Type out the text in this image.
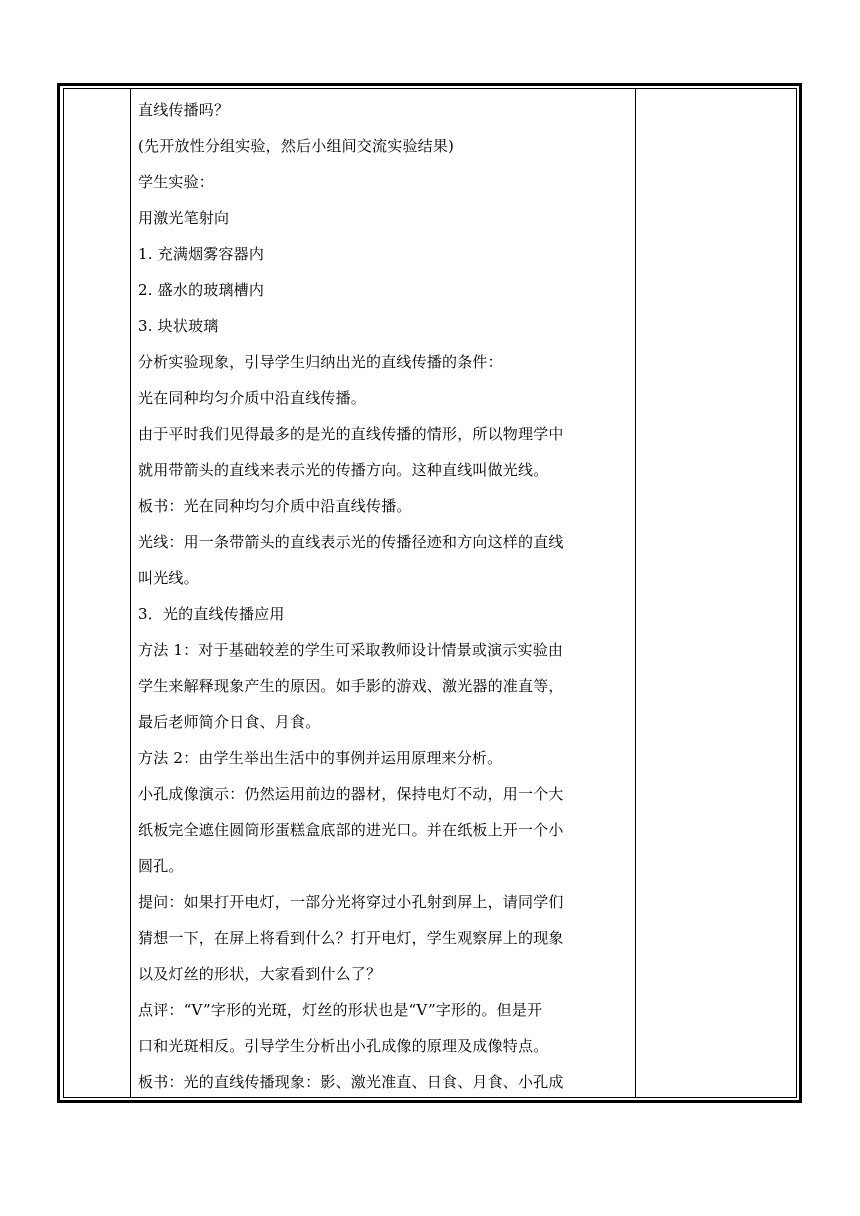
直线传播吗？

(先开放性分组实验，然后小组间交流实验结果)

学生实验：

用激光笔射向

1. 充满烟雾容器内

2. 盛水的玻璃槽内

3. 块状玻璃

分析实验现象，引导学生归纳出光的直线传播的条件：

光在同种均匀介质中沿直线传播。

由于平时我们见得最多的是光的直线传播的情形，所以物理学中

就用带箭头的直线来表示光的传播方向。这种直线叫做光线。

板书：光在同种均匀介质中沿直线传播。

光线：用一条带箭头的直线表示光的传播径迹和方向这样的直线

叫光线。

3．光的直线传播应用

方法 1：对于基础较差的学生可采取教师设计情景或演示实验由

学生来解释现象产生的原因。如手影的游戏、激光器的准直等，

最后老师简介日食、月食。

方法 2：由学生举出生活中的事例并运用原理来分析。

小孔成像演示：仍然运用前边的器材，保持电灯不动，用一个大

纸板完全遮住圆筒形蛋糕盒底部的进光口。并在纸板上开一个小

圆孔。

提问：如果打开电灯，一部分光将穿过小孔射到屏上，请同学们

猜想一下，在屏上将看到什么？打开电灯，学生观察屏上的现象

以及灯丝的形状，大家看到什么了？

点评：“V”字形的光斑，灯丝的形状也是“V”字形的。但是开

口和光斑相反。引导学生分析出小孔成像的原理及成像特点。

板书：光的直线传播现象：影、激光准直、日食、月食、小孔成
